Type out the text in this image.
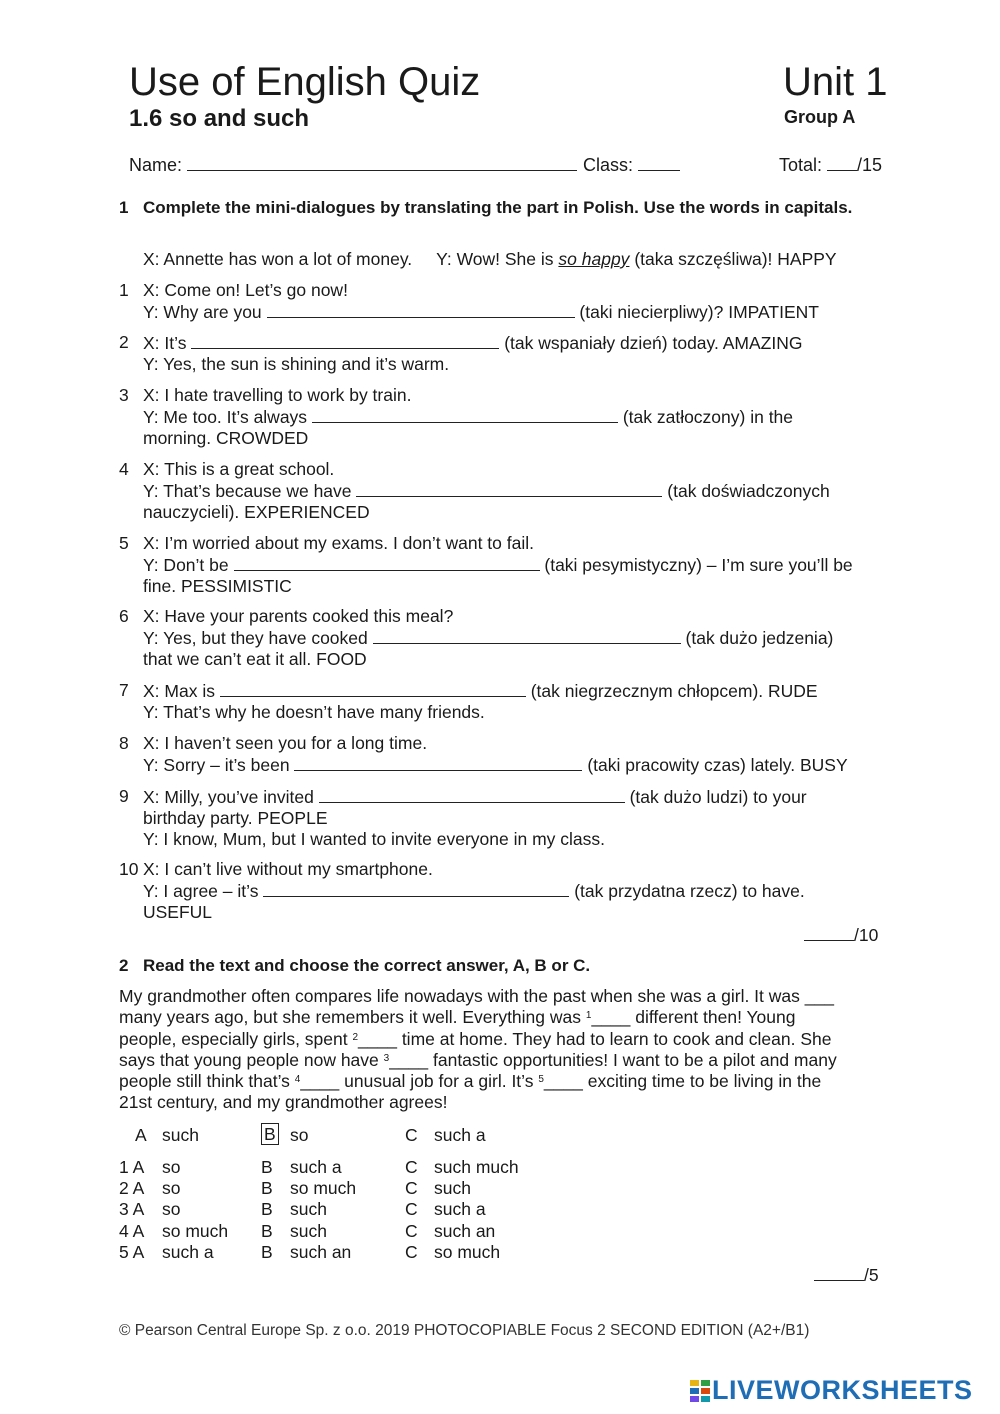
Use of English Quiz
1.6 so and such
Unit 1
Group A
Name:	Class:	Total: /15
1 Complete the mini-dialogues by translating the part in Polish. Use the words in capitals.
X: Annette has won a lot of money. Y: Wow! She is so happy (taka szczęśliwa)! HAPPY
1 X: Come on! Let’s go now!
Y: Why are you	(taki niecierpliwy)? IMPATIENT
2 X: It’s	(tak wspaniały dzień) today. AMAZING
Y: Yes, the sun is shining and it’s warm.
3 X: I hate travelling to work by train.
Y: Me too. It’s always	(tak zatłoczony) in the
morning. CROWDED
4 X: This is a great school.
Y: That’s because we have	(tak doświadczonych
nauczycieli). EXPERIENCED
5 X: I’m worried about my exams. I don’t want to fail.
Y: Don’t be	(taki pesymistyczny) – I’m sure you’ll be
fine. PESSIMISTIC
6 X: Have your parents cooked this meal?
Y: Yes, but they have cooked	(tak dużo jedzenia)
that we can’t eat it all. FOOD
7 X: Max is	(tak niegrzecznym chłopcem). RUDE
Y: That’s why he doesn’t have many friends.
8 X: I haven’t seen you for a long time.
Y: Sorry – it’s been	(taki pracowity czas) lately. BUSY
9 X: Milly, you’ve invited	(tak dużo ludzi) to your
birthday party. PEOPLE
Y: I know, Mum, but I wanted to invite everyone in my class.
10 X: I can’t live without my smartphone.
Y: I agree – it’s	(tak przydatna rzecz) to have.
USEFUL
/10
2 Read the text and choose the correct answer, A, B or C.
My grandmother often compares life nowadays with the past when she was a girl. It was ___
many years ago, but she remembers it well. Everything was $^1$____ different then! Young
people, especially girls, spent $^2$____ time at home. They had to learn to cook and clean. She
says that young people now have $^3$____ fantastic opportunities! I want to be a pilot and many
people still think that’s $^4$____ unusual job for a girl. It’s $^5$____ exciting time to be living in the
21st century, and my grandmother agrees!
A such	B so	C such a
1 A so	B such a	C such much
2 A so	B so much	C such
3 A so	B such	C such a
4 A so much B such	C such an
5 A such a	B such an	C so much
/5
© Pearson Central Europe Sp. z o.o. 2019 PHOTOCOPIABLE Focus 2 SECOND EDITION (A2+/B1)
LIVEWORKSHEETS
